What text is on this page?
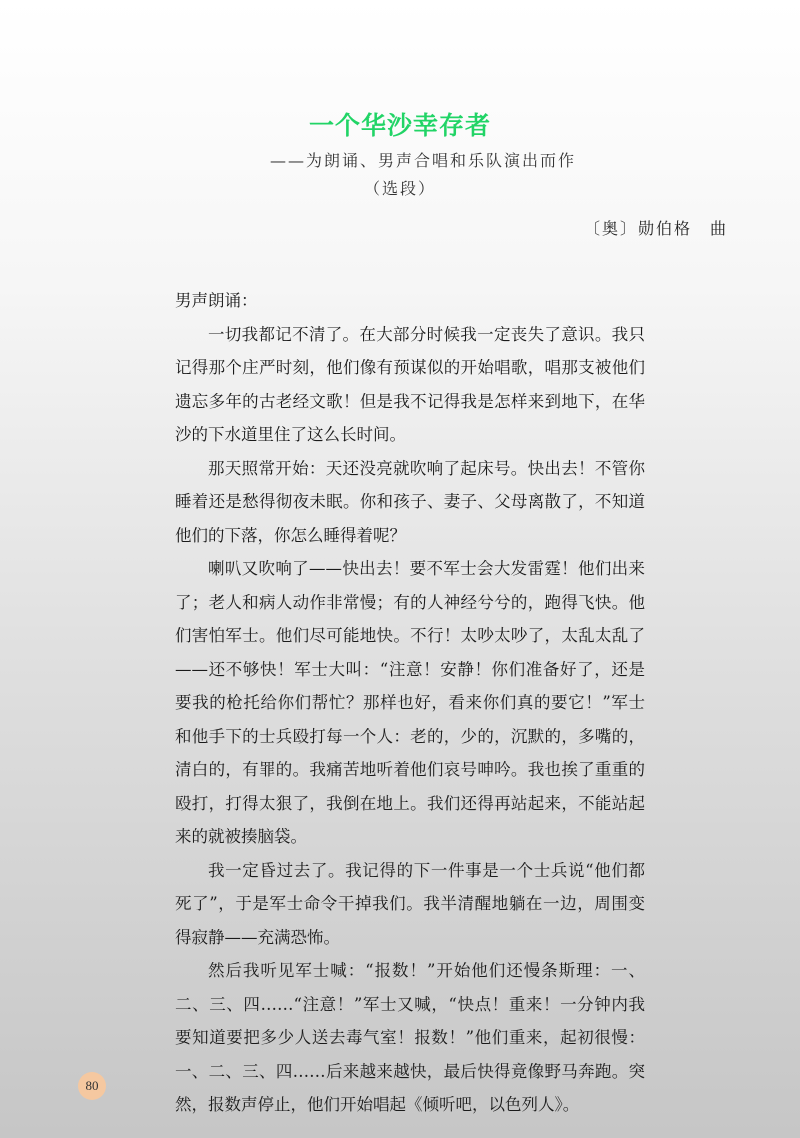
一个华沙幸存者
——为朗诵、男声合唱和乐队演出而作
（选段）
〔奥〕勋伯格　曲

男声朗诵：

一切我都记不清了。在大部分时候我一定丧失了意识。我只记得那个庄严时刻，他们像有预谋似的开始唱歌，唱那支被他们遗忘多年的古老经文歌！但是我不记得我是怎样来到地下，在华沙的下水道里住了这么长时间。

那天照常开始：天还没亮就吹响了起床号。快出去！不管你睡着还是愁得彻夜未眠。你和孩子、妻子、父母离散了，不知道他们的下落，你怎么睡得着呢？

喇叭又吹响了——快出去！要不军士会大发雷霆！他们出来了；老人和病人动作非常慢；有的人神经兮兮的，跑得飞快。他们害怕军士。他们尽可能地快。不行！太吵太吵了，太乱太乱了——还不够快！军士大叫：“注意！安静！你们准备好了，还是要我的枪托给你们帮忙？那样也好，看来你们真的要它！”军士和他手下的士兵殴打每一个人：老的，少的，沉默的，多嘴的，清白的，有罪的。我痛苦地听着他们哀号呻吟。我也挨了重重的殴打，打得太狠了，我倒在地上。我们还得再站起来，不能站起来的就被揍脑袋。

我一定昏过去了。我记得的下一件事是一个士兵说“他们都死了”，于是军士命令干掉我们。我半清醒地躺在一边，周围变得寂静——充满恐怖。

然后我听见军士喊：“报数！”开始他们还慢条斯理：一、二、三、四……“注意！”军士又喊，“快点！重来！一分钟内我要知道要把多少人送去毒气室！报数！”他们重来，起初很慢：一、二、三、四……后来越来越快，最后快得竟像野马奔跑。突然，报数声停止，他们开始唱起《倾听吧，以色列人》。

80
